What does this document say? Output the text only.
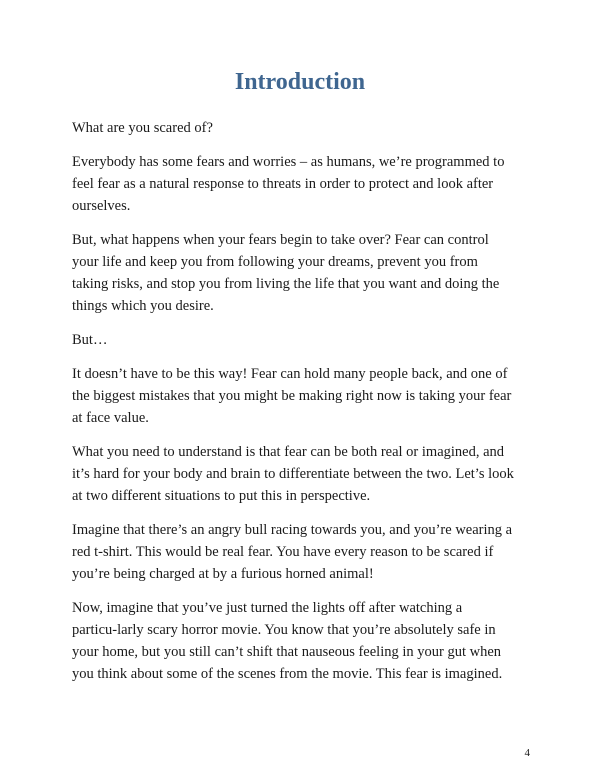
Introduction

What are you scared of?

Everybody has some fears and worries – as humans, we’re programmed to
feel fear as a natural response to threats in order to protect and look after
ourselves.

But, what happens when your fears begin to take over? Fear can control
your life and keep you from following your dreams, prevent you from
taking risks, and stop you from living the life that you want and doing the
things which you desire.

But…

It doesn’t have to be this way! Fear can hold many people back, and one of
the biggest mistakes that you might be making right now is taking your fear
at face value.

What you need to understand is that fear can be both real or imagined, and
it’s hard for your body and brain to differentiate between the two. Let’s look
at two different situations to put this in perspective.

Imagine that there’s an angry bull racing towards you, and you’re wearing a
red t-shirt. This would be real fear. You have every reason to be scared if
you’re being charged at by a furious horned animal!

Now, imagine that you’ve just turned the lights off after watching a
particu-larly scary horror movie. You know that you’re absolutely safe in
your home, but you still can’t shift that nauseous feeling in your gut when
you think about some of the scenes from the movie. This fear is imagined.

4
